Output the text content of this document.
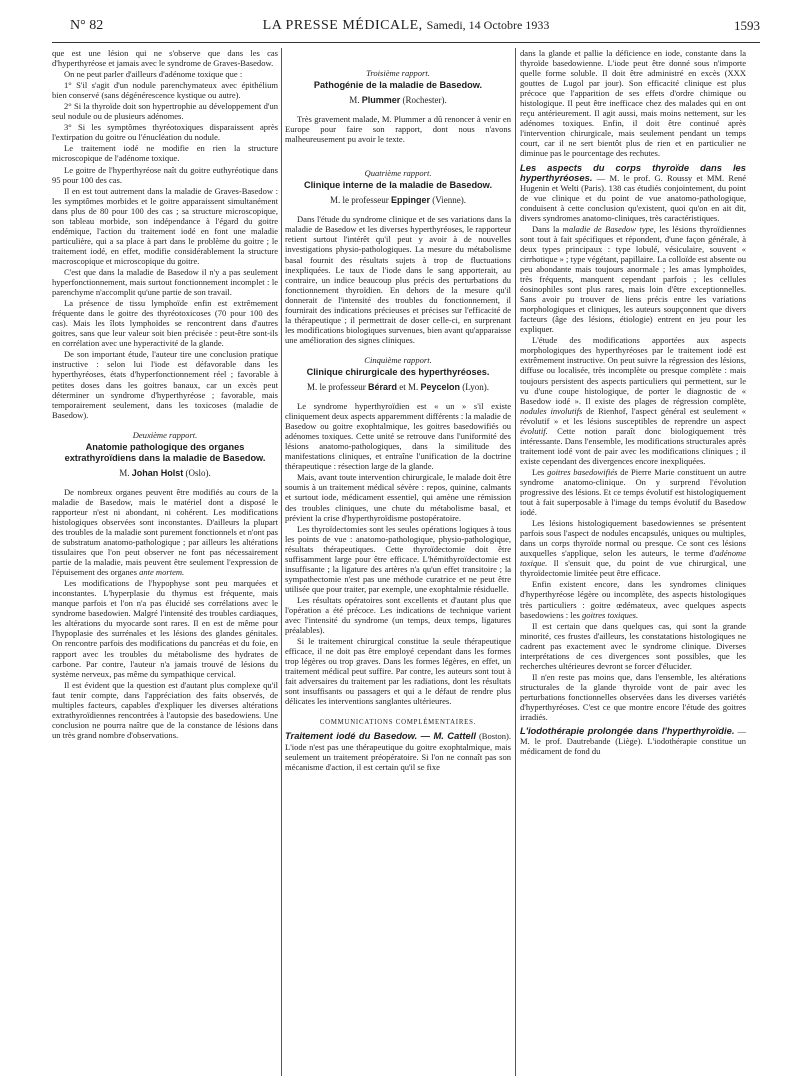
N° 82	LA PRESSE MÉDICALE, Samedi, 14 Octobre 1933	1593

que est une lésion qui ne s'observe que dans les cas d'hyperthyréose et jamais avec le syndrome de Graves-Basedow.

On ne peut parler d'ailleurs d'adénome toxique que :

1° S'il s'agit d'un nodule parenchymateux avec épithélium bien conservé (sans dégénérescence kystique ou autre).

2° Si la thyroïde doit son hypertrophie au développement d'un seul nodule ou de plusieurs adénomes.

3° Si les symptômes thyréotoxiques disparaissent après l'extirpation du goitre ou l'énucléation du nodule.

Le traitement iodé ne modifie en rien la structure microscopique de l'adénome toxique.

Le goitre de l'hyperthyréose naît du goitre euthyréotique dans 95 pour 100 des cas.

Il en est tout autrement dans la maladie de Graves-Basedow : les symptômes morbides et le goitre apparaissent simultanément dans plus de 80 pour 100 des cas ; sa structure microscopique, son tableau morbide, son indépendance à l'égard du goitre endémique, l'action du traitement iodé en font une maladie particulière, qui a sa place à part dans le problème du goitre ; le traitement iodé, en effet, modifie considérablement la structure macroscopique et microscopique du goitre.

C'est que dans la maladie de Basedow il n'y a pas seulement hyperfonctionnement, mais surtout fonctionnement incomplet : le parenchyme n'accomplit qu'une partie de son travail.

La présence de tissu lymphoïde enfin est extrêmement fréquente dans le goitre des thyréotoxicoses (70 pour 100 des cas). Mais les îlots lymphoïdes se rencontrent dans d'autres goitres, sans que leur valeur soit bien précisée : peut-être sont-ils en corrélation avec une hyperactivité de la glande.

De son important étude, l'auteur tire une conclusion pratique instructive : selon lui l'iode est défavorable dans les hyperthyréoses, états d'hyperfonctionnement réel ; favorable à petites doses dans les goitres banaux, car un excès peut déterminer un syndrome d'hyperthyréose ; favorable, mais temporairement seulement, dans les toxicoses (maladie de Basedow).

Deuxième rapport.
Anatomie pathologique des organes extrathyroïdiens dans la maladie de Basedow.
M. Johan Holst (Oslo).

De nombreux organes peuvent être modifiés au cours de la maladie de Basedow, mais le matériel dont a disposé le rapporteur n'est ni abondant, ni cohérent. Les modifications histologiques observées sont inconstantes. D'ailleurs la plupart des troubles de la maladie sont purement fonctionnels et n'ont pas de substratum anatomo-pathologique ; par ailleurs les altérations tissulaires que l'on peut observer ne font pas nécessairement partie de la maladie, mais peuvent être seulement l'expression de l'épuisement des organes ante mortem.

Les modifications de l'hypophyse sont peu marquées et inconstantes. L'hyperplasie du thymus est fréquente, mais manque parfois et l'on n'a pas élucidé ses corrélations avec le syndrome basedowien. Malgré l'intensité des troubles cardiaques, les altérations du myocarde sont rares. Il en est de même pour l'hypoplasie des surrénales et les lésions des glandes génitales. On rencontre parfois des modifications du pancréas et du foie, en rapport avec les troubles du métabolisme des hydrates de carbone. Par contre, l'auteur n'a jamais trouvé de lésions du système nerveux, pas même du sympathique cervical.

Il est évident que la question est d'autant plus complexe qu'il faut tenir compte, dans l'appréciation des faits observés, de multiples facteurs, capables d'expliquer les diverses altérations extrathyroïdiennes rencontrées à l'autopsie des basedowiens. Une conclusion ne pourra naître que de la constance de lésions dans un très grand nombre d'observations.

Troisième rapport.
Pathogénie de la maladie de Basedow.
M. Plummer (Rochester).

Très gravement malade, M. Plummer a dû renoncer à venir en Europe pour faire son rapport, dont nous n'avons malheureusement pu avoir le texte.

Quatrième rapport.
Clinique interne de la maladie de Basedow.
M. le professeur Eppinger (Vienne).

Dans l'étude du syndrome clinique et de ses variations dans la maladie de Basedow et les diverses hyperthyréoses, le rapporteur retient surtout l'intérêt qu'il peut y avoir à de nouvelles investigations physio-pathologiques. La mesure du métabolisme basal fournit des résultats sujets à trop de fluctuations inexpliquées. Le taux de l'iode dans le sang apporterait, au contraire, un indice beaucoup plus précis des perturbations du fonctionnement thyroïdien. En dehors de la mesure qu'il donnerait de l'intensité des troubles du fonctionnement, il fournirait des indications précieuses et précises sur l'efficacité de la thérapeutique ; il permettrait de doser celle-ci, en surprenant les modifications biologiques survenues, bien avant qu'apparaisse une amélioration des signes cliniques.

Cinquième rapport.
Clinique chirurgicale des hyperthyréoses.
M. le professeur Bérard et M. Peycelon (Lyon).

Le syndrome hyperthyroïdien est « un » s'il existe cliniquement deux aspects apparemment différents : la maladie de Basedow ou goitre exophtalmique, les goitres basedowifiés ou adénomes toxiques. Cette unité se retrouve dans l'uniformité des lésions anatomo-pathologiques, dans la similitude des manifestations cliniques, et entraîne l'unification de la doctrine thérapeutique : résection large de la glande.

Mais, avant toute intervention chirurgicale, le malade doit être soumis à un traitement médical sévère : repos, quinine, calmants et surtout iode, médicament essentiel, qui amène une rémission des troubles cliniques, une chute du métabolisme basal, et prévient la crise d'hyperthyroïdisme postopératoire.

Les thyroïdectomies sont les seules opérations logiques à tous les points de vue : anatomo-pathologique, physio-pathologique, résultats thérapeutiques. Cette thyroïdectomie doit être suffisamment large pour être efficace. L'hémithyroïdectomie est insuffisante ; la ligature des artères n'a qu'un effet transitoire ; la sympathectomie n'est pas une méthode curatrice et ne peut être utilisée que pour traiter, par exemple, une exophtalmie résiduelle.

Les résultats opératoires sont excellents et d'autant plus que l'opération a été précoce. Les indications de technique varient avec l'intensité du syndrome (un temps, deux temps, ligatures préalables).

Si le traitement chirurgical constitue la seule thérapeutique efficace, il ne doit pas être employé cependant dans les formes trop légères ou trop graves. Dans les formes légères, en effet, un traitement médical peut suffire. Par contre, les auteurs sont tout à fait adversaires du traitement par les radiations, dont les résultats sont insuffisants ou passagers et qui a le défaut de rendre plus délicates les interventions sanglantes ultérieures.

COMMUNICATIONS COMPLÉMENTAIRES.

Traitement iodé du Basedow. — M. Cattell (Boston). L'iode n'est pas une thérapeutique du goitre exophtalmique, mais seulement un traitement préopératoire. Si l'on ne connaît pas son mécanisme d'action, il est certain qu'il se fixe

dans la glande et pallie la déficience en iode, constante dans la thyroïde basedowienne. L'iode peut être donné sous n'importe quelle forme soluble. Il doit être administré en excès (XXX gouttes de Lugol par jour). Son efficacité clinique est plus précoce que l'apparition de ses effets d'ordre chimique ou histologique. Il peut être inefficace chez des malades qui en ont reçu antérieurement. Il agit aussi, mais moins nettement, sur les adénomes toxiques. Enfin, il doit être continué après l'intervention chirurgicale, mais seulement pendant un temps court, car il ne sert bientôt plus de rien et en particulier ne diminue pas le pourcentage des rechutes.

Les aspects du corps thyroïde dans les hyperthyréoses. — M. le prof. G. Roussy et MM. René Hugenin et Welti (Paris). 138 cas étudiés conjointement, du point de vue clinique et du point de vue anatomo-pathologique, conduisent à cette conclusion qu'existent, quoi qu'on en ait dit, divers syndromes anatomo-cliniques, très caractéristiques.

Dans la maladie de Basedow type, les lésions thyroïdiennes sont tout à fait spécifiques et répondent, d'une façon générale, à deux types principaux : type lobulé, vésiculaire, souvent « cirrhotique » ; type végétant, papillaire. La colloïde est absente ou peu abondante mais toujours anormale ; les amas lymphoïdes, très fréquents, manquent cependant parfois ; les cellules éosinophiles sont plus rares, mais loin d'être exceptionnelles. Sans avoir pu trouver de liens précis entre les variations morphologiques et cliniques, les auteurs soupçonnent que divers facteurs (âge des lésions, étiologie) entrent en jeu pour les expliquer.

L'étude des modifications apportées aux aspects morphologiques des hyperthyréoses par le traitement iodé est extrêmement instructive. On peut suivre la régression des lésions, diffuse ou localisée, très incomplète ou presque complète : mais toujours persistent des aspects particuliers qui permettent, sur le vu d'une coupe histologique, de porter le diagnostic de « Basedow iodé ». Il existe des plages de régression complète, nodules involutifs de Rienhof, l'aspect général est seulement « révolutif » et les lésions susceptibles de reprendre un aspect évolutif. Cette notion paraît donc biologiquement très intéressante. Dans l'ensemble, les modifications structurales après traitement iodé vont de pair avec les modifications cliniques ; il existe cependant des divergences encore inexpliquées.

Les goitres basedowifiés de Pierre Marie constituent un autre syndrome anatomo-clinique. On y surprend l'évolution progressive des lésions. Et ce temps évolutif est histologiquement tout à fait superposable à l'image du temps évolutif du Basedow iodé.

Les lésions histologiquement basedowiennes se présentent parfois sous l'aspect de nodules encapsulés, uniques ou multiples, dans un corps thyroïde normal ou presque. Ce sont ces lésions auxquelles s'applique, selon les auteurs, le terme d'adénome toxique. Il s'ensuit que, du point de vue chirurgical, une thyroïdectomie limitée peut être efficace.

Enfin existent encore, dans les syndromes cliniques d'hyperthyréose légère ou incomplète, des aspects histologiques très particuliers : goitre œdémateux, avec quelques aspects basedowiens : les goitres toxiques.

Il est certain que dans quelques cas, qui sont la grande minorité, ces frustes d'ailleurs, les constatations histologiques ne cadrent pas exactement avec le syndrome clinique. Diverses interprétations de ces divergences sont possibles, que les recherches ultérieures devront se forcer d'élucider.

Il n'en reste pas moins que, dans l'ensemble, les altérations structurales de la glande thyroïde vont de pair avec les perturbations fonctionnelles observées dans les diverses variétés d'hyperthyréoses. C'est ce que montre encore l'étude des goitres irradiés.

L'iodothérapie prolongée dans l'hyperthyroïdie. — M. le prof. Dautrebande (Liège). L'iodothérapie constitue un médicament de fond du
